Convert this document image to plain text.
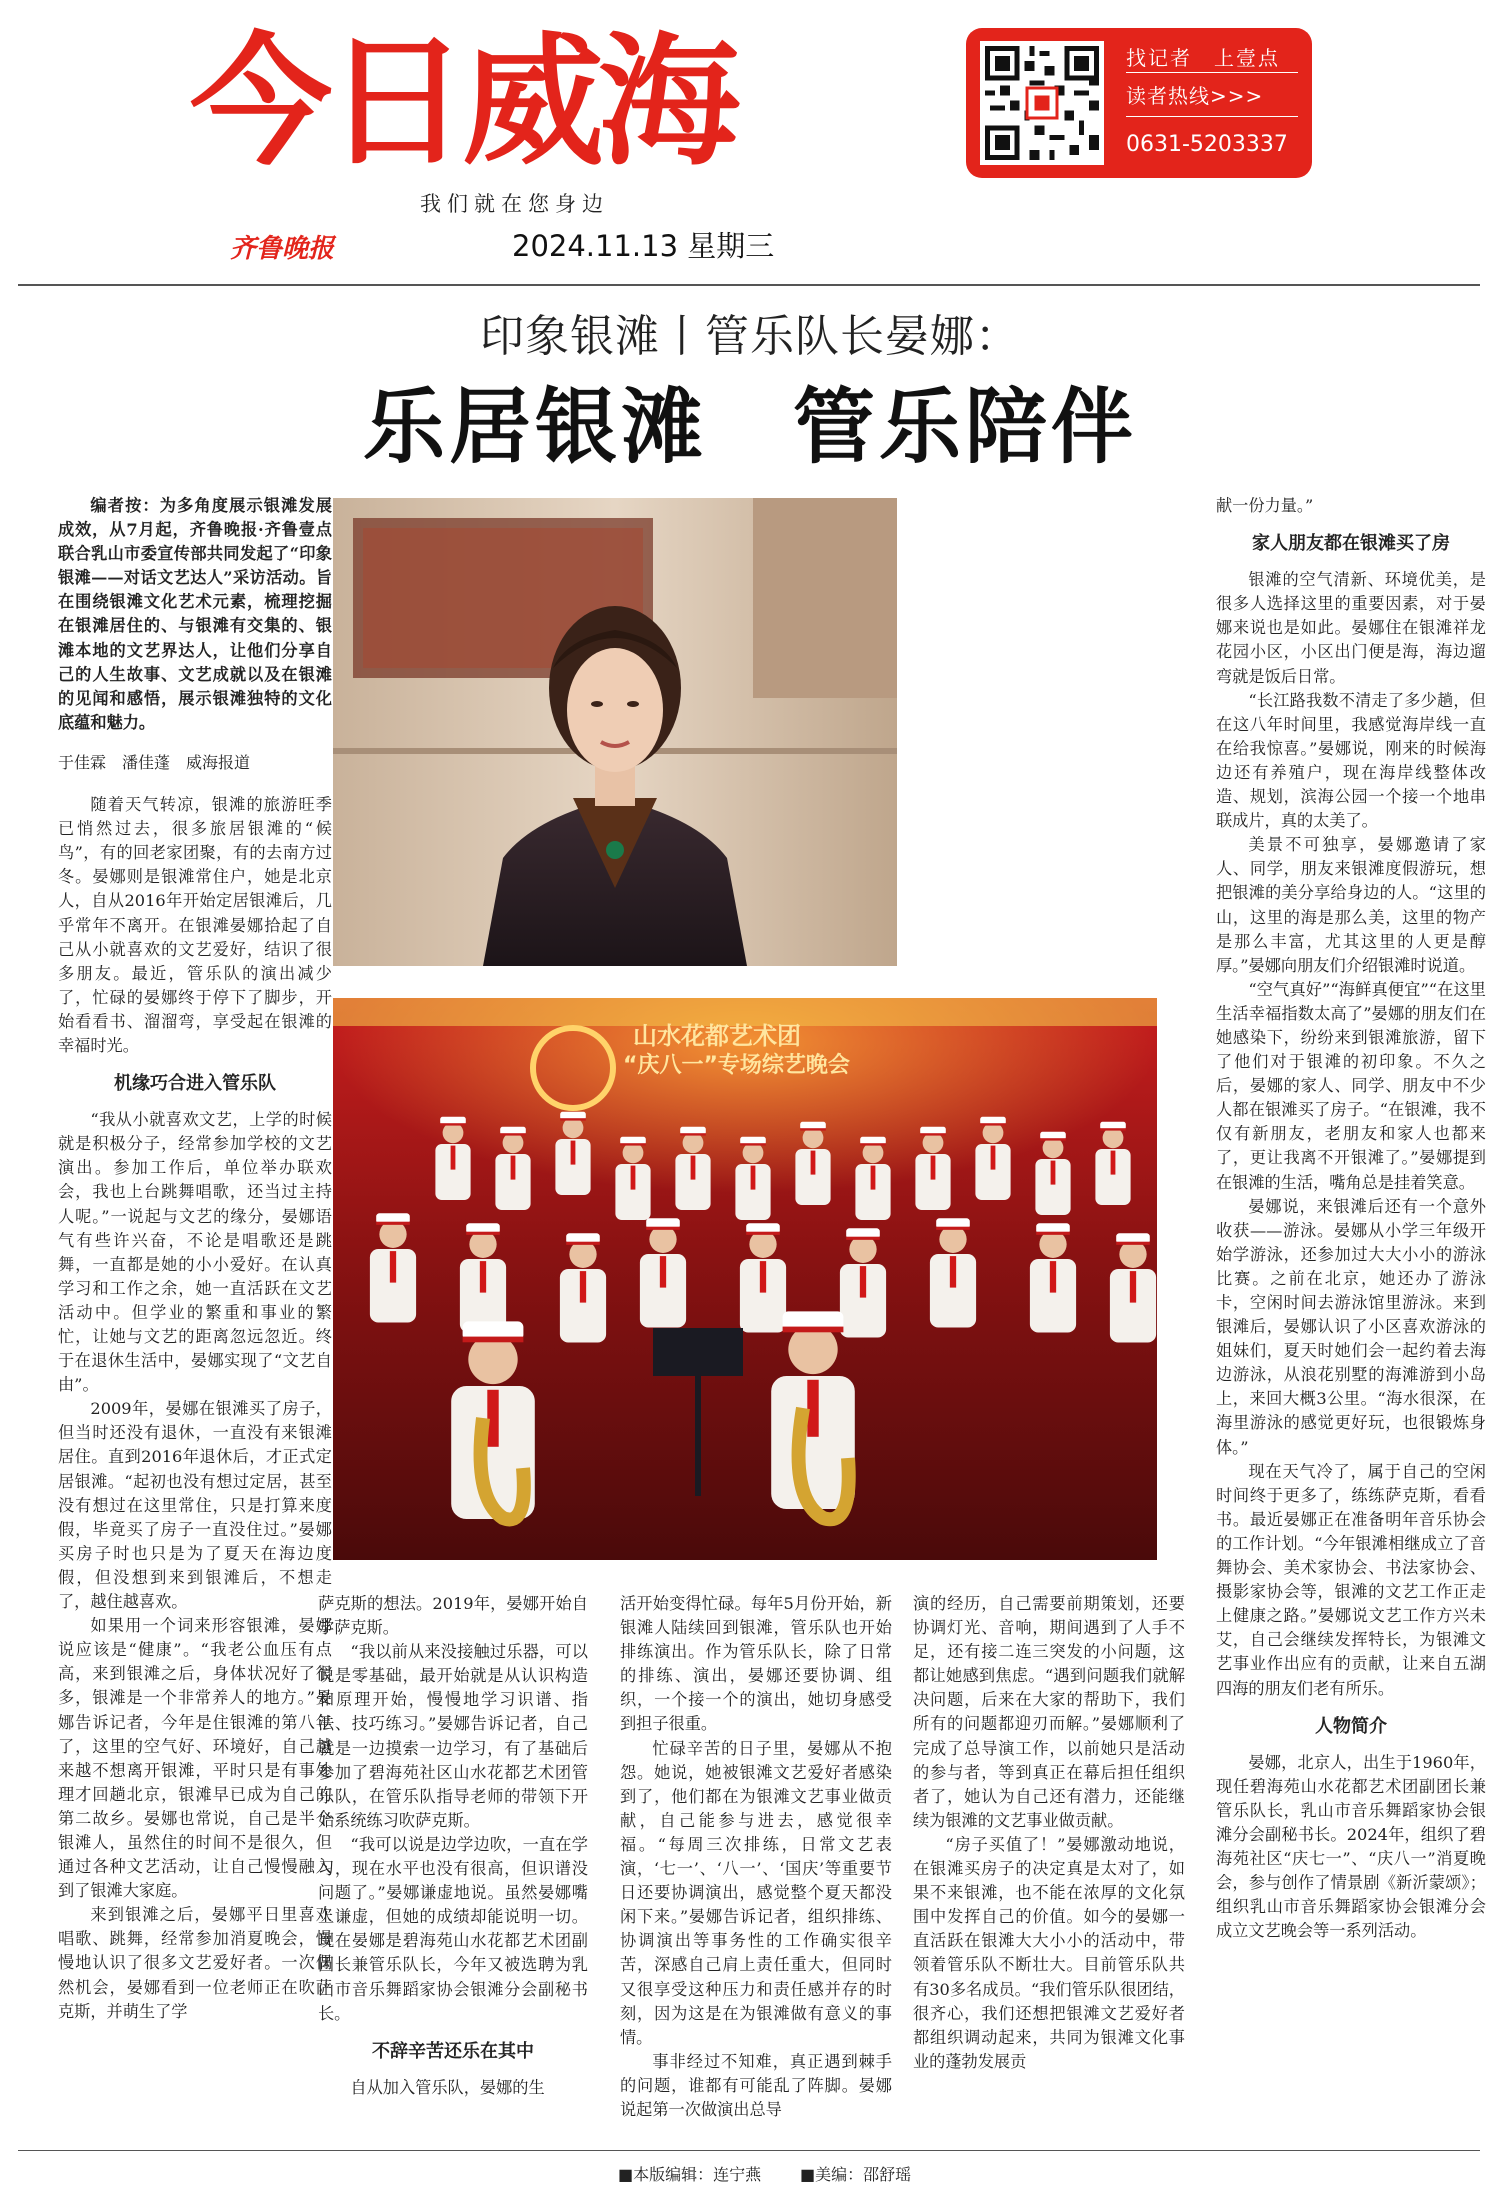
今日威海
我们就在您身边
齐鲁晚报	2024.11.13 星期三
找记者　上壹点
读者热线>>>
0631-5203337
印象银滩丨管乐队长晏娜：
乐居银滩　管乐陪伴

编者按：为多角度展示银滩发展成效，从7月起，齐鲁晚报·齐鲁壹点联合乳山市委宣传部共同发起了“印象银滩——对话文艺达人”采访活动。旨在围绕银滩文化艺术元素，梳理挖掘在银滩居住的、与银滩有交集的、银滩本地的文艺界达人，让他们分享自己的人生故事、文艺成就以及在银滩的见闻和感悟，展示银滩独特的文化底蕴和魅力。

于佳霖　潘佳蓬　威海报道

随着天气转凉，银滩的旅游旺季已悄然过去，很多旅居银滩的“候鸟”，有的回老家团聚，有的去南方过冬。晏娜则是银滩常住户，她是北京人，自从2016年开始定居银滩后，几乎常年不离开。在银滩晏娜拾起了自己从小就喜欢的文艺爱好，结识了很多朋友。最近，管乐队的演出减少了，忙碌的晏娜终于停下了脚步，开始看看书、溜溜弯，享受起在银滩的幸福时光。

机缘巧合进入管乐队

“我从小就喜欢文艺，上学的时候就是积极分子，经常参加学校的文艺演出。参加工作后，单位举办联欢会，我也上台跳舞唱歌，还当过主持人呢。”一说起与文艺的缘分，晏娜语气有些许兴奋，不论是唱歌还是跳舞，一直都是她的小小爱好。在认真学习和工作之余，她一直活跃在文艺活动中。但学业的繁重和事业的繁忙，让她与文艺的距离忽远忽近。终于在退休生活中，晏娜实现了“文艺自由”。

2009年，晏娜在银滩买了房子，但当时还没有退休，一直没有来银滩居住。直到2016年退休后，才正式定居银滩。“起初也没有想过定居，甚至没有想过在这里常住，只是打算来度假，毕竟买了房子一直没住过。”晏娜买房子时也只是为了夏天在海边度假，但没想到来到银滩后，不想走了，越住越喜欢。

如果用一个词来形容银滩，晏娜说应该是“健康”。“我老公血压有点高，来到银滩之后，身体状况好了很多，银滩是一个非常养人的地方。”晏娜告诉记者，今年是住银滩的第八年了，这里的空气好、环境好，自己越来越不想离开银滩，平时只是有事处理才回趟北京，银滩早已成为自己的第二故乡。晏娜也常说，自己是半个银滩人，虽然住的时间不是很久，但通过各种文艺活动，让自己慢慢融入到了银滩大家庭。

来到银滩之后，晏娜平日里喜欢唱歌、跳舞，经常参加消夏晚会，慢慢地认识了很多文艺爱好者。一次偶然机会，晏娜看到一位老师正在吹萨克斯，并萌生了学

山水花都艺术团
“庆八一”专场综艺晚会

萨克斯的想法。2019年，晏娜开始自学萨克斯。

“我以前从来没接触过乐器，可以说是零基础，最开始就是从认识构造和原理开始，慢慢地学习识谱、指法、技巧练习。”晏娜告诉记者，自己就是一边摸索一边学习，有了基础后参加了碧海苑社区山水花都艺术团管乐队，在管乐队指导老师的带领下开始系统练习吹萨克斯。

“我可以说是边学边吹，一直在学习，现在水平也没有很高，但识谱没问题了。”晏娜谦虚地说。虽然晏娜嘴上谦虚，但她的成绩却能说明一切。现在晏娜是碧海苑山水花都艺术团副团长兼管乐队长，今年又被选聘为乳山市音乐舞蹈家协会银滩分会副秘书长。

不辞辛苦还乐在其中

自从加入管乐队，晏娜的生

活开始变得忙碌。每年5月份开始，新银滩人陆续回到银滩，管乐队也开始排练演出。作为管乐队长，除了日常的排练、演出，晏娜还要协调、组织，一个接一个的演出，她切身感受到担子很重。

忙碌辛苦的日子里，晏娜从不抱怨。她说，她被银滩文艺爱好者感染到了，他们都在为银滩文艺事业做贡献，自己能参与进去，感觉很幸福。“每周三次排练，日常文艺表演，‘七一’、‘八一’、‘国庆’等重要节日还要协调演出，感觉整个夏天都没闲下来。”晏娜告诉记者，组织排练、协调演出等事务性的工作确实很辛苦，深感自己肩上责任重大，但同时又很享受这种压力和责任感并存的时刻，因为这是在为银滩做有意义的事情。

事非经过不知难，真正遇到棘手的问题，谁都有可能乱了阵脚。晏娜说起第一次做演出总导

演的经历，自己需要前期策划，还要协调灯光、音响，期间遇到了人手不足，还有接二连三突发的小问题，这都让她感到焦虑。“遇到问题我们就解决问题，后来在大家的帮助下，我们所有的问题都迎刃而解。”晏娜顺利了完成了总导演工作，以前她只是活动的参与者，等到真正在幕后担任组织者了，她认为自己还有潜力，还能继续为银滩的文艺事业做贡献。

“房子买值了！”晏娜激动地说，在银滩买房子的决定真是太对了，如果不来银滩，也不能在浓厚的文化氛围中发挥自己的价值。如今的晏娜一直活跃在银滩大大小小的活动中，带领着管乐队不断壮大。目前管乐队共有30多名成员。“我们管乐队很团结，很齐心，我们还想把银滩文艺爱好者都组织调动起来，共同为银滩文化事业的蓬勃发展贡

献一份力量。”

家人朋友都在银滩买了房

银滩的空气清新、环境优美，是很多人选择这里的重要因素，对于晏娜来说也是如此。晏娜住在银滩祥龙花园小区，小区出门便是海，海边遛弯就是饭后日常。

“长江路我数不清走了多少趟，但在这八年时间里，我感觉海岸线一直在给我惊喜。”晏娜说，刚来的时候海边还有养殖户，现在海岸线整体改造、规划，滨海公园一个接一个地串联成片，真的太美了。

美景不可独享，晏娜邀请了家人、同学，朋友来银滩度假游玩，想把银滩的美分享给身边的人。“这里的山，这里的海是那么美，这里的物产是那么丰富，尤其这里的人更是醇厚。”晏娜向朋友们介绍银滩时说道。

“空气真好”“海鲜真便宜”“在这里生活幸福指数太高了”晏娜的朋友们在她感染下，纷纷来到银滩旅游，留下了他们对于银滩的初印象。不久之后，晏娜的家人、同学、朋友中不少人都在银滩买了房子。“在银滩，我不仅有新朋友，老朋友和家人也都来了，更让我离不开银滩了。”晏娜提到在银滩的生活，嘴角总是挂着笑意。

晏娜说，来银滩后还有一个意外收获——游泳。晏娜从小学三年级开始学游泳，还参加过大大小小的游泳比赛。之前在北京，她还办了游泳卡，空闲时间去游泳馆里游泳。来到银滩后，晏娜认识了小区喜欢游泳的姐妹们，夏天时她们会一起约着去海边游泳，从浪花别墅的海滩游到小岛上，来回大概3公里。“海水很深，在海里游泳的感觉更好玩，也很锻炼身体。”

现在天气冷了，属于自己的空闲时间终于更多了，练练萨克斯，看看书。最近晏娜正在准备明年音乐协会的工作计划。“今年银滩相继成立了音舞协会、美术家协会、书法家协会、摄影家协会等，银滩的文艺工作正走上健康之路。”晏娜说文艺工作方兴未艾，自己会继续发挥特长，为银滩文艺事业作出应有的贡献，让来自五湖四海的朋友们老有所乐。

人物简介

晏娜，北京人，出生于1960年，现任碧海苑山水花都艺术团副团长兼管乐队长，乳山市音乐舞蹈家协会银滩分会副秘书长。2024年，组织了碧海苑社区“庆七一”、“庆八一”消夏晚会，参与创作了情景剧《新沂蒙颂》；组织乳山市音乐舞蹈家协会银滩分会成立文艺晚会等一系列活动。

■本版编辑：连宁燕 ■美编：邵舒瑶
